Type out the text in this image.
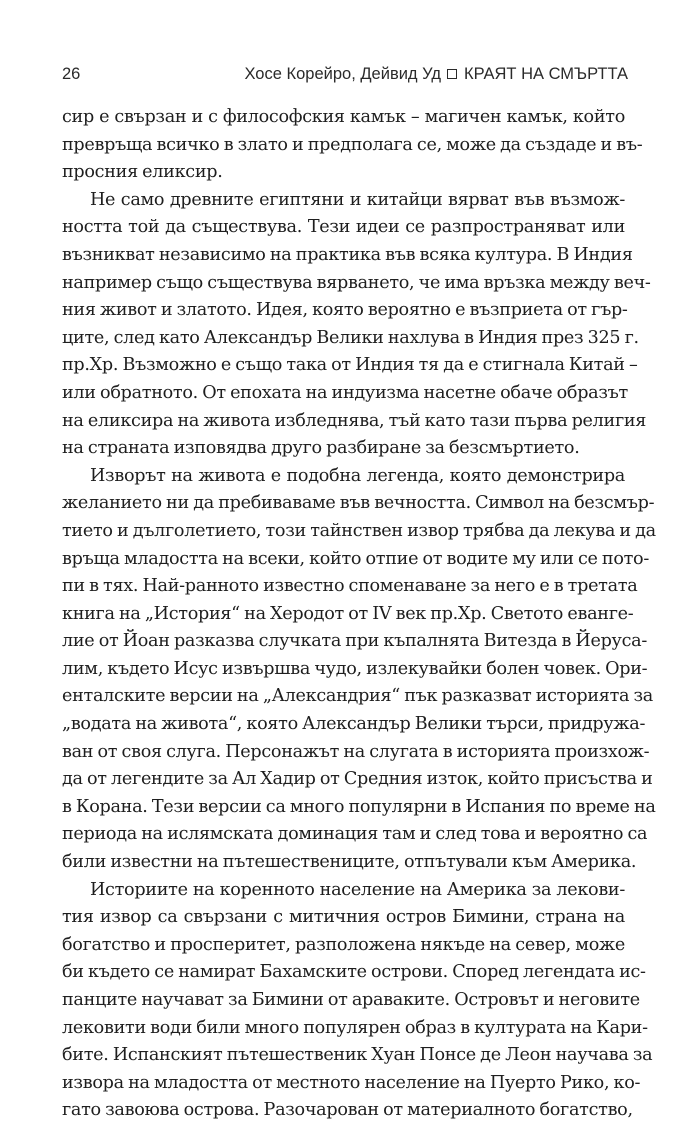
26	Хосе Корейро, Дейвид Уд КРАЯТ НА СМЪРТТА
сир е свързан и с философския камък – магичен камък, който
превръща всичко в злато и предполага се, може да създаде и въ-
просния еликсир.
Не само древните египтяни и китайци вярват във възмож-
ността той да съществува. Тези идеи се разпространяват или
възникват независимо на практика във всяка култура. В Индия
например също съществува вярването, че има връзка между веч-
ния живот и златото. Идея, която вероятно е възприета от гър-
ците, след като Александър Велики нахлува в Индия през 325 г.
пр.Хр. Възможно е също така от Индия тя да е стигнала Китай –
или обратното. От епохата на индуизма насетне обаче образът
на еликсира на живота избледнява, тъй като тази първа религия
на страната изповядва друго разбиране за безсмъртието.
Изворът на живота е подобна легенда, която демонстрира
желанието ни да пребиваваме във вечността. Символ на безсмър-
тието и дълголетието, този тайнствен извор трябва да лекува и да
връща младостта на всеки, който отпие от водите му или се потo-
пи в тях. Най-ранното известно споменаване за него е в третата
книга на „История“ на Херодот от IV век пр.Хр. Светото еванге-
лие от Йоан разказва случката при къпалнята Витезда в Йеруса-
лим, където Исус извършва чудо, излекувайки болен човек. Ори-
енталските версии на „Александрия“ пък разказват историята за
„водата на живота“, която Александър Велики търси, придружа-
ван от своя слуга. Персонажът на слугата в историята произхож-
да от легендите за Ал Хадир от Средния изток, който присъства и
в Корана. Тези версии са много популярни в Испания по време на
периода на ислямската доминация там и след това и вероятно са
били известни на пътешествениците, отпътували към Америка.
Историите на коренното население на Америка за лекови-
тия извор са свързани с митичния остров Бимини, страна на
богатство и просперитет, разположена някъде на север, може
би където се намират Бахамските острови. Според легендата ис-
панците научават за Бимини от араваките. Островът и неговите
лековити води били много популярен образ в културата на Кари-
бите. Испанският пътешественик Хуан Понсе де Леон научава за
извора на младостта от местното население на Пуерто Рико, ко-
гато завоюва острова. Разочарован от материалното богатство,
